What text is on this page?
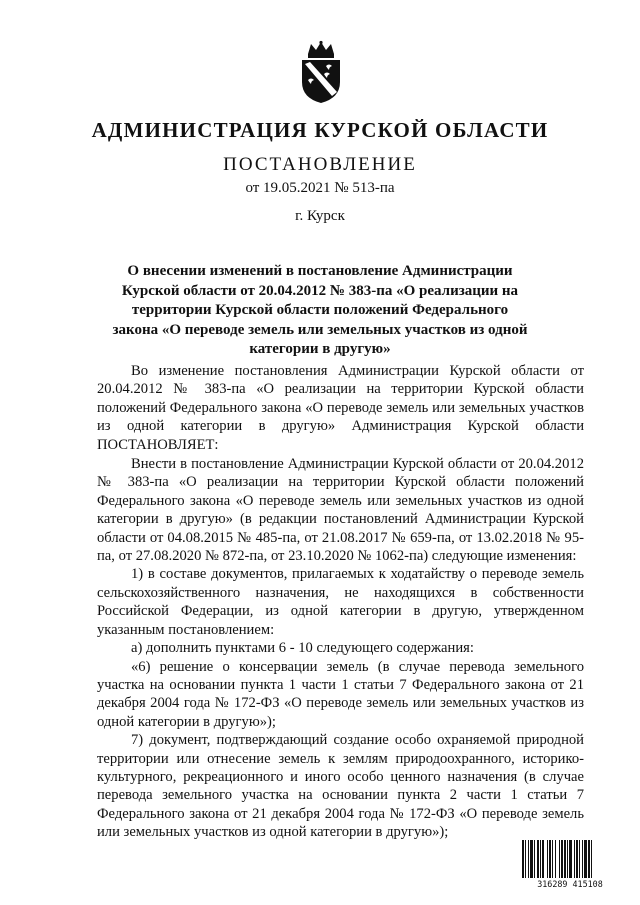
АДМИНИСТРАЦИЯ КУРСКОЙ ОБЛАСТИ
ПОСТАНОВЛЕНИЕ
от 19.05.2021 № 513-па
г. Курск
О внесении изменений в постановление Администрации Курской области от 20.04.2012 № 383-па «О реализации на территории Курской области положений Федерального закона «О переводе земель или земельных участков из одной категории в другую»

Во изменение постановления Администрации Курской области от 20.04.2012 № 383-па «О реализации на территории Курской области положений Федерального закона «О переводе земель или земельных участков из одной категории в другую» Администрация Курской области ПОСТАНОВЛЯЕТ:

Внести в постановление Администрации Курской области от 20.04.2012 № 383-па «О реализации на территории Курской области положений Федерального закона «О переводе земель или земельных участков из одной категории в другую» (в редакции постановлений Администрации Курской области от 04.08.2015 № 485-па, от 21.08.2017 № 659-па, от 13.02.2018 № 95-па, от 27.08.2020 № 872-па, от 23.10.2020 № 1062-па) следующие изменения:

1) в составе документов, прилагаемых к ходатайству о переводе земель сельскохозяйственного назначения, не находящихся в собственности Российской Федерации, из одной категории в другую, утвержденном указанным постановлением:

а) дополнить пунктами 6 - 10 следующего содержания:

«6) решение о консервации земель (в случае перевода земельного участка на основании пункта 1 части 1 статьи 7 Федерального закона от 21 декабря 2004 года № 172-ФЗ «О переводе земель или земельных участков из одной категории в другую»);

7) документ, подтверждающий создание особо охраняемой природной территории или отнесение земель к землям природоохранного, историко-культурного, рекреационного и иного особо ценного назначения (в случае перевода земельного участка на основании пункта 2 части 1 статьи 7 Федерального закона от 21 декабря 2004 года № 172-ФЗ «О переводе земель или земельных участков из одной категории в другую»);

316289 415108
